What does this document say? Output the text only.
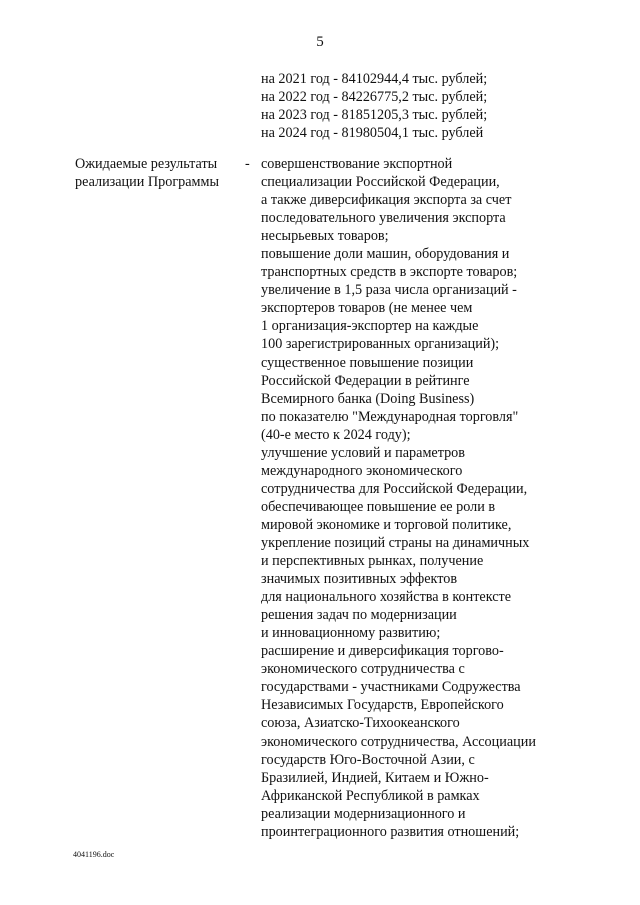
5
на 2021 год - 84102944,4 тыс. рублей;
на 2022 год - 84226775,2 тыс. рублей;
на 2023 год - 81851205,3 тыс. рублей;
на 2024 год - 81980504,1 тыс. рублей
Ожидаемые результаты
реализации Программы
- совершенствование экспортной
специализации Российской Федерации,
а также диверсификация экспорта за счет
последовательного увеличения экспорта
несырьевых товаров;
повышение доли машин, оборудования и
транспортных средств в экспорте товаров;
увеличение в 1,5 раза числа организаций -
экспортеров товаров (не менее чем
1 организация-экспортер на каждые
100 зарегистрированных организаций);
существенное повышение позиции
Российской Федерации в рейтинге
Всемирного банка (Doing Business)
по показателю "Международная торговля"
(40-е место к 2024 году);
улучшение условий и параметров
международного экономического
сотрудничества для Российской Федерации,
обеспечивающее повышение ее роли в
мировой экономике и торговой политике,
укрепление позиций страны на динамичных
и перспективных рынках, получение
значимых позитивных эффектов
для национального хозяйства в контексте
решения задач по модернизации
и инновационному развитию;
расширение и диверсификация торгово-
экономического сотрудничества с
государствами - участниками Содружества
Независимых Государств, Европейского
союза, Азиатско-Тихоокеанского
экономического сотрудничества, Ассоциации
государств Юго-Восточной Азии, с
Бразилией, Индией, Китаем и Южно-
Африканской Республикой в рамках
реализации модернизационного и
проинтеграционного развития отношений;
4041196.doc
